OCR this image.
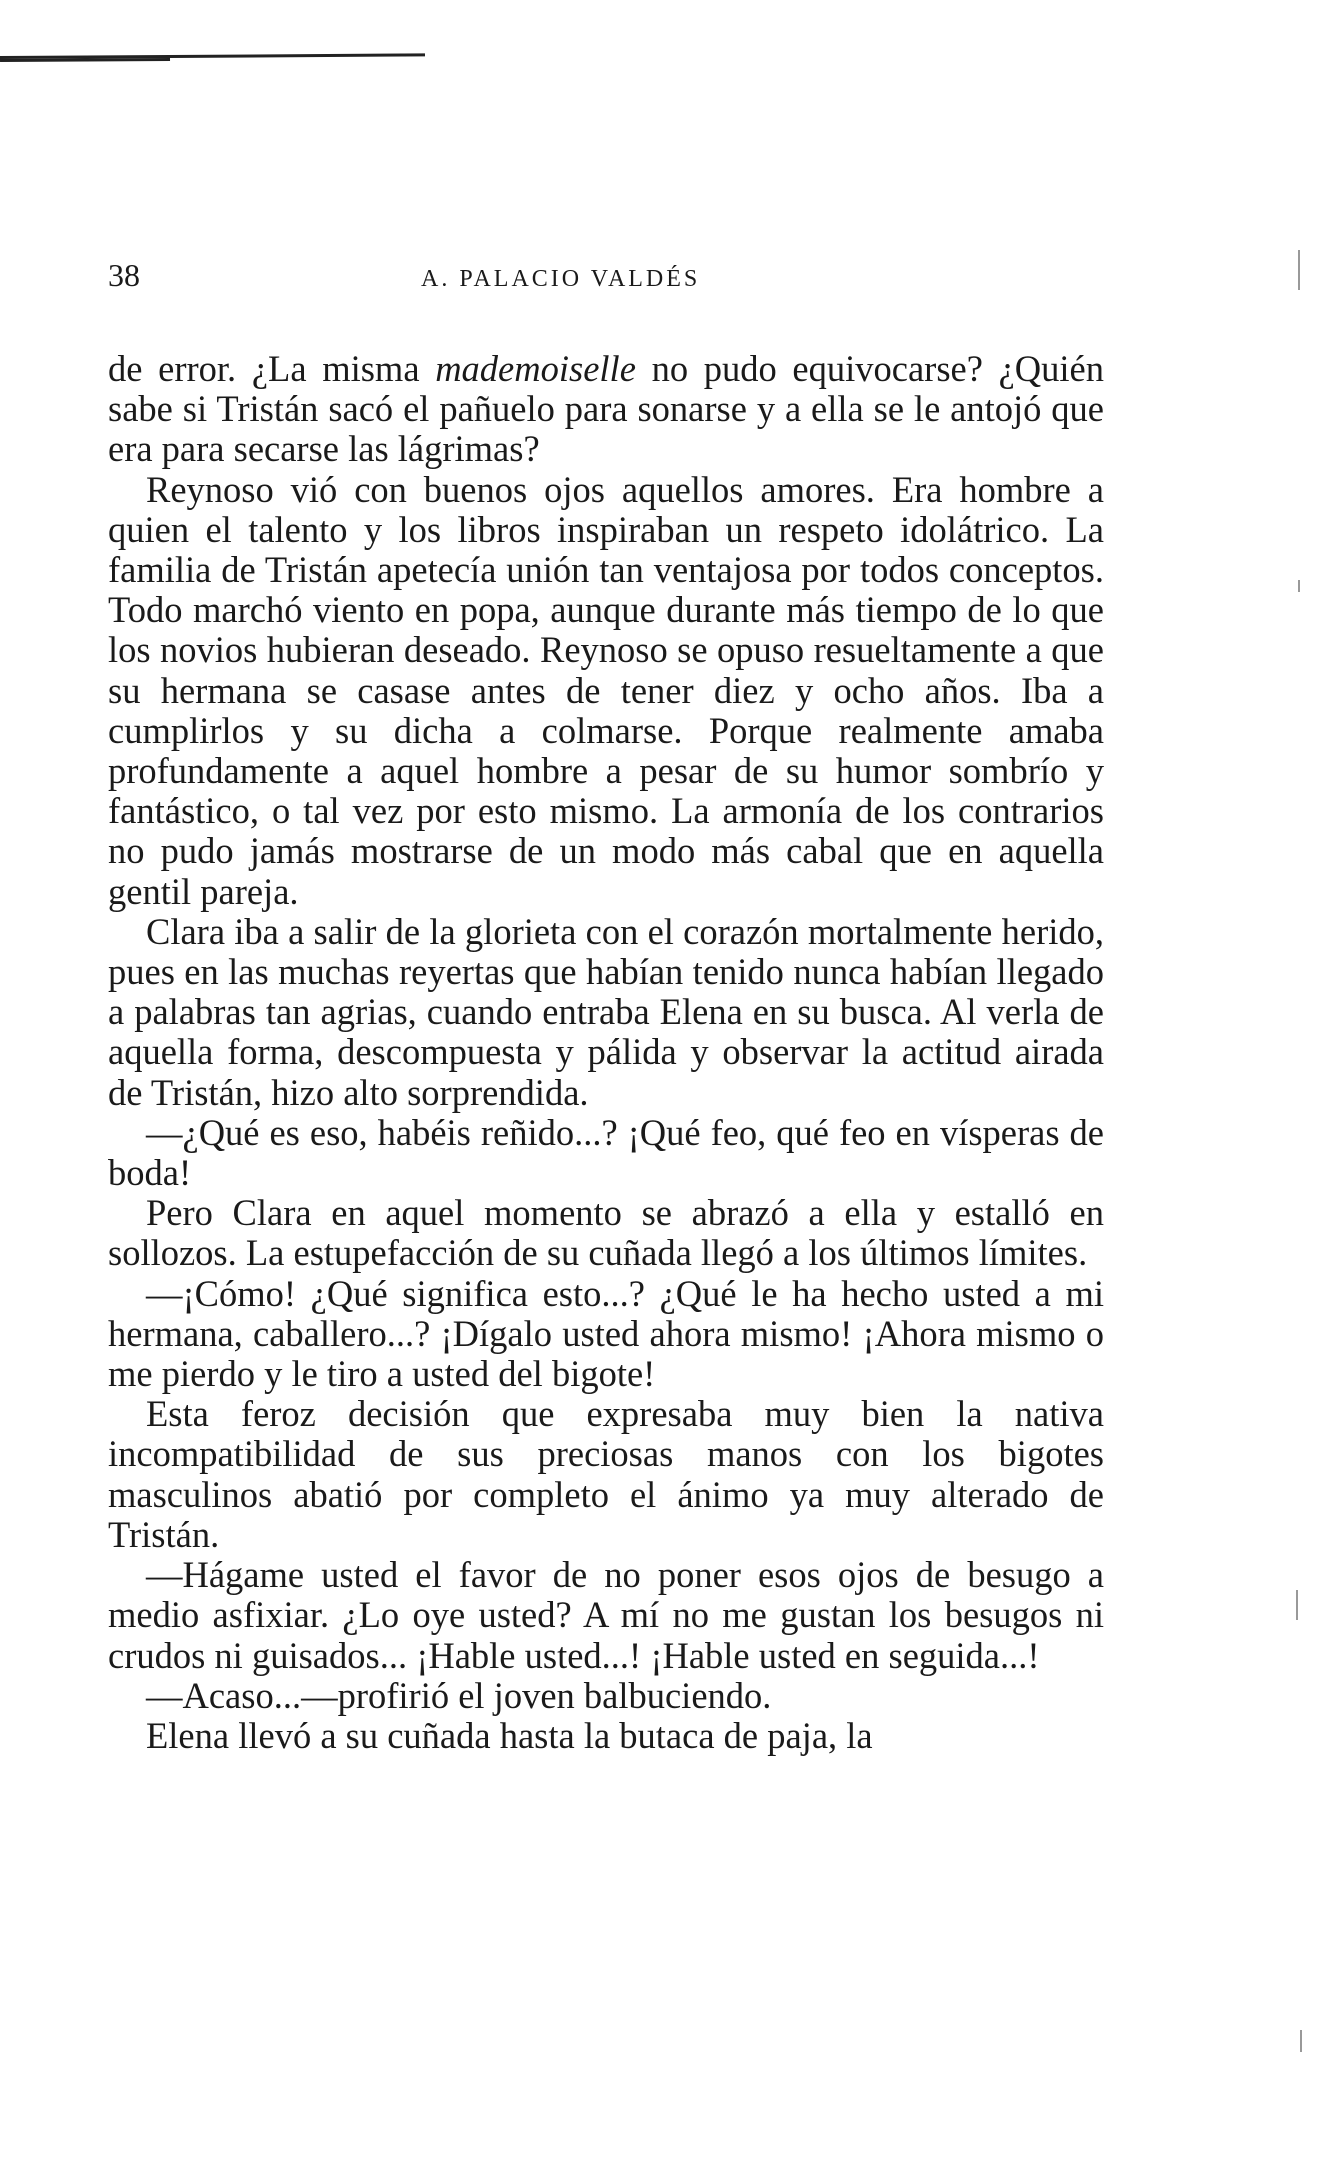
38	A. PALACIO VALDÉS

de error. ¿La misma mademoiselle no pudo equivocarse? ¿Quién sabe si Tristán sacó el pañuelo para sonarse y a ella se le antojó que era para secarse las lágrimas?

Reynoso vió con buenos ojos aquellos amores. Era hombre a quien el talento y los libros inspiraban un respeto idolátrico. La familia de Tristán apetecía unión tan ventajosa por todos conceptos. Todo marchó viento en popa, aunque durante más tiempo de lo que los novios hubieran deseado. Reynoso se opuso resueltamente a que su hermana se casase antes de tener diez y ocho años. Iba a cumplirlos y su dicha a colmarse. Porque realmente amaba profundamente a aquel hombre a pesar de su humor sombrío y fantástico, o tal vez por esto mismo. La armonía de los contrarios no pudo jamás mostrarse de un modo más cabal que en aquella gentil pareja.

Clara iba a salir de la glorieta con el corazón mortalmente herido, pues en las muchas reyertas que habían tenido nunca habían llegado a palabras tan agrias, cuando entraba Elena en su busca. Al verla de aquella forma, descompuesta y pálida y observar la actitud airada de Tristán, hizo alto sorprendida.

—¿Qué es eso, habéis reñido...? ¡Qué feo, qué feo en vísperas de boda!

Pero Clara en aquel momento se abrazó a ella y estalló en sollozos. La estupefacción de su cuñada llegó a los últimos límites.

—¡Cómo! ¿Qué significa esto...? ¿Qué le ha hecho usted a mi hermana, caballero...? ¡Dígalo usted ahora mismo! ¡Ahora mismo o me pierdo y le tiro a usted del bigote!

Esta feroz decisión que expresaba muy bien la nativa incompatibilidad de sus preciosas manos con los bigotes masculinos abatió por completo el ánimo ya muy alterado de Tristán.

—Hágame usted el favor de no poner esos ojos de besugo a medio asfixiar. ¿Lo oye usted? A mí no me gustan los besugos ni crudos ni guisados... ¡Hable usted...! ¡Hable usted en seguida...!

—Acaso...—profirió el joven balbuciendo.

Elena llevó a su cuñada hasta la butaca de paja, la
